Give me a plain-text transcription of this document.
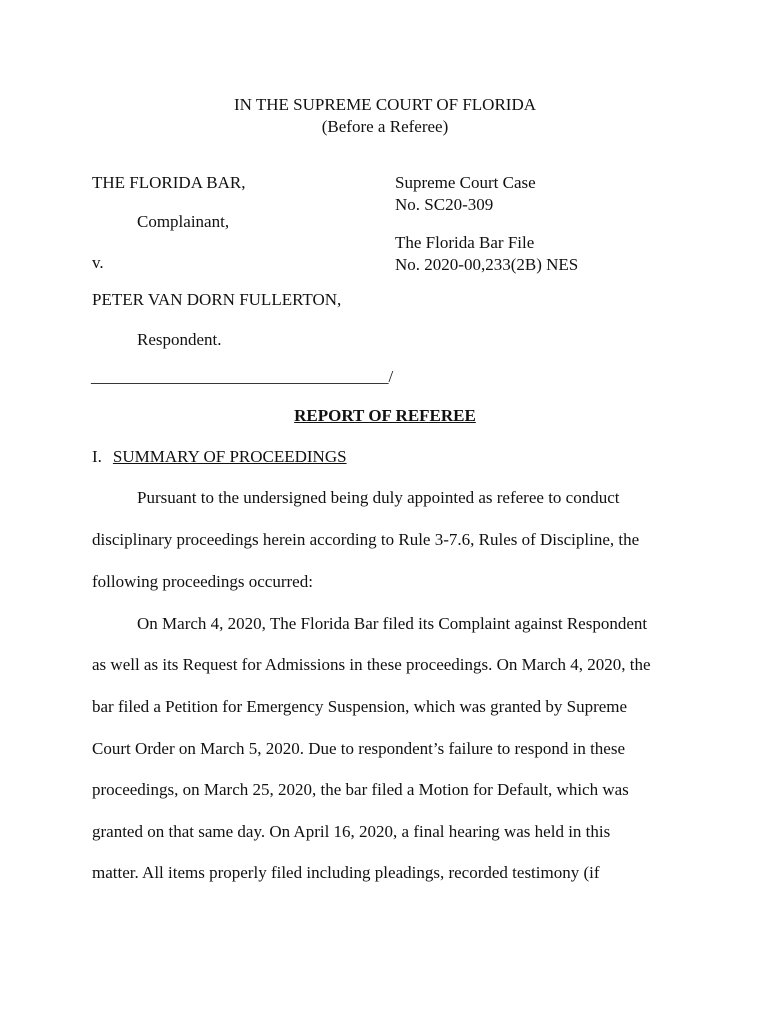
IN THE SUPREME COURT OF FLORIDA
(Before a Referee)
THE FLORIDA BAR,
Complainant,
v.
PETER VAN DORN FULLERTON,
Respondent.
___________________________________/
Supreme Court Case
No. SC20-309
The Florida Bar File
No. 2020-00,233(2B) NES
REPORT OF REFEREE
I. SUMMARY OF PROCEEDINGS
Pursuant to the undersigned being duly appointed as referee to conduct
disciplinary proceedings herein according to Rule 3-7.6, Rules of Discipline, the
following proceedings occurred:
On March 4, 2020, The Florida Bar filed its Complaint against Respondent
as well as its Request for Admissions in these proceedings. On March 4, 2020, the
bar filed a Petition for Emergency Suspension, which was granted by Supreme
Court Order on March 5, 2020. Due to respondent’s failure to respond in these
proceedings, on March 25, 2020, the bar filed a Motion for Default, which was
granted on that same day. On April 16, 2020, a final hearing was held in this
matter. All items properly filed including pleadings, recorded testimony (if
